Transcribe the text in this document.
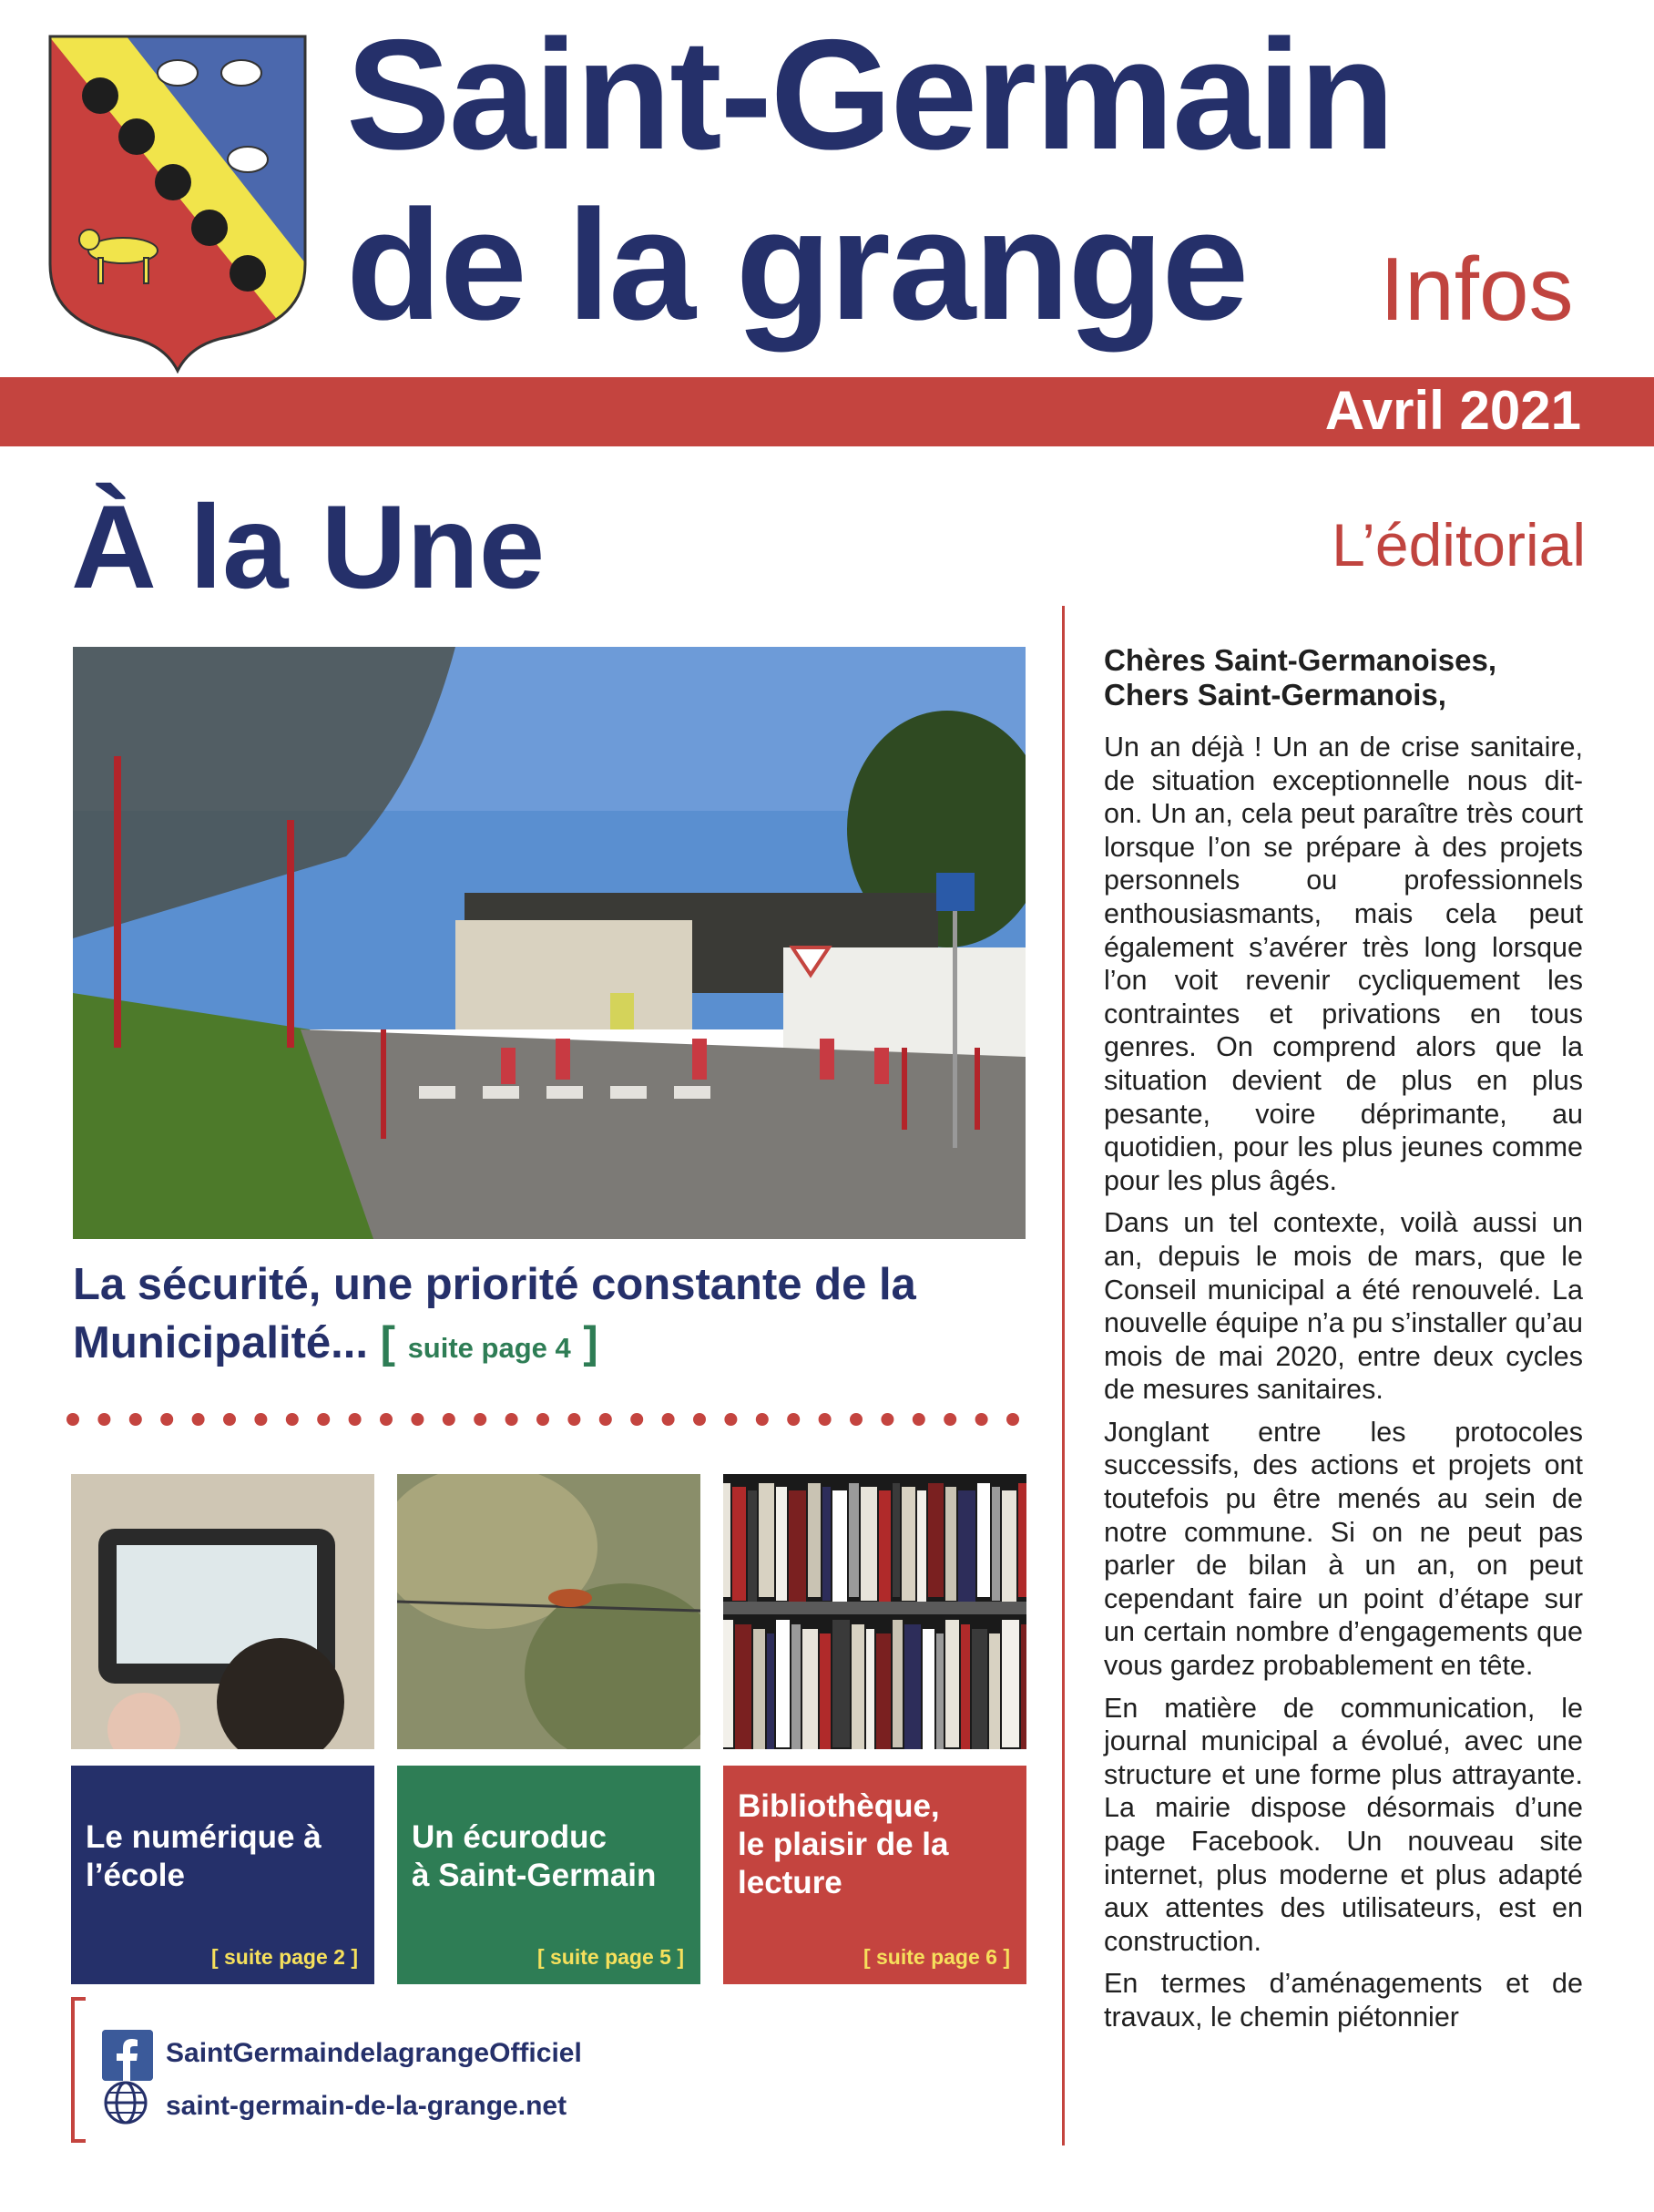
Saint-Germain
de la grange Infos
Avril 2021
À la Une	L’éditorial
La sécurité, une priorité constante de la Municipalité... [ suite page 4 ]
Le numérique à
l’école
[ suite page 2 ]
Un écuroduc
à Saint-Germain
[ suite page 5 ]
Bibliothèque,
le plaisir de la
lecture
[ suite page 6 ]
SaintGermaindelagrangeOfficiel
saint-germain-de-la-grange.net
Chères Saint-Germanoises,
Chers Saint-Germanois,

Un an déjà ! Un an de crise sanitaire, de situation exceptionnelle nous dit-on. Un an, cela peut paraître très court lorsque l’on se prépare à des projets personnels ou professionnels enthousiasmants, mais cela peut également s’avérer très long lorsque l’on voit revenir cycliquement les contraintes et privations en tous genres. On comprend alors que la situation devient de plus en plus pesante, voire déprimante, au quotidien, pour les plus jeunes comme pour les plus âgés.

Dans un tel contexte, voilà aussi un an, depuis le mois de mars, que le Conseil municipal a été renouvelé. La nouvelle équipe n’a pu s’installer qu’au mois de mai 2020, entre deux cycles de mesures sanitaires.

Jonglant entre les protocoles successifs, des actions et projets ont toutefois pu être menés au sein de notre commune. Si on ne peut pas parler de bilan à un an, on peut cependant faire un point d’étape sur un certain nombre d’engagements que vous gardez probablement en tête.

En matière de communication, le journal municipal a évolué, avec une structure et une forme plus attrayante. La mairie dispose désormais d’une page Facebook. Un nouveau site internet, plus moderne et plus adapté aux attentes des utilisateurs, est en construction.

En termes d’aménagements et de travaux, le chemin piétonnier
